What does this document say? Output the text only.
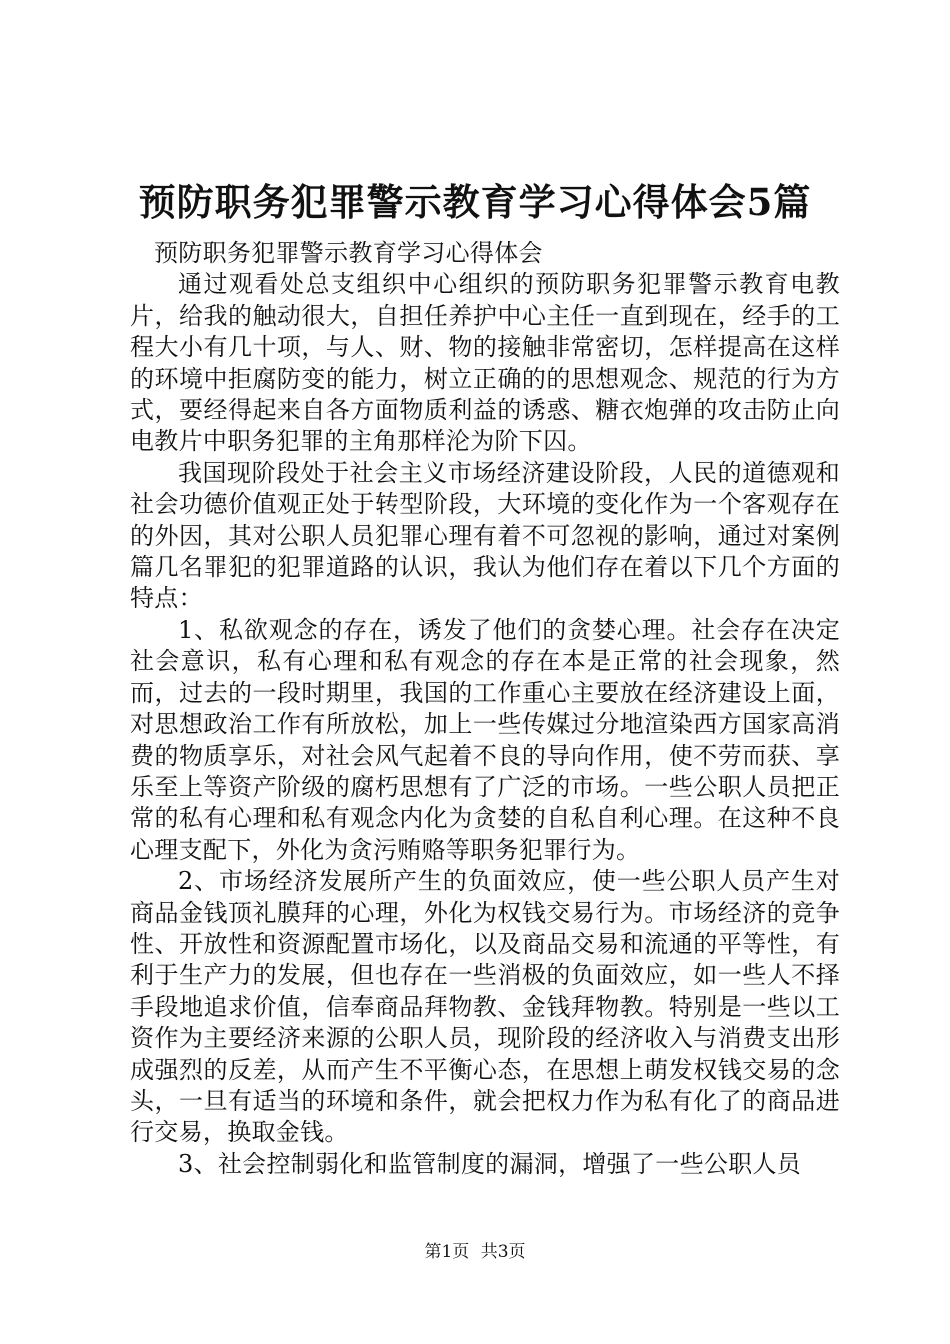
预防职务犯罪警示教育学习心得体会5篇

预防职务犯罪警示教育学习心得体会

通过观看处总支组织中心组织的预防职务犯罪警示教育电教片，给我的触动很大，自担任养护中心主任一直到现在，经手的工程大小有几十项，与人、财、物的接触非常密切，怎样提高在这样的环境中拒腐防变的能力，树立正确的的思想观念、规范的行为方式，要经得起来自各方面物质利益的诱惑、糖衣炮弹的攻击防止向电教片中职务犯罪的主角那样沦为阶下囚。

我国现阶段处于社会主义市场经济建设阶段，人民的道德观和社会功德价值观正处于转型阶段，大环境的变化作为一个客观存在的外因，其对公职人员犯罪心理有着不可忽视的影响，通过对案例篇几名罪犯的犯罪道路的认识，我认为他们存在着以下几个方面的特点：

1、私欲观念的存在，诱发了他们的贪婪心理。社会存在决定社会意识，私有心理和私有观念的存在本是正常的社会现象，然而，过去的一段时期里，我国的工作重心主要放在经济建设上面，对思想政治工作有所放松，加上一些传媒过分地渲染西方国家高消费的物质享乐，对社会风气起着不良的导向作用，使不劳而获、享乐至上等资产阶级的腐朽思想有了广泛的市场。一些公职人员把正常的私有心理和私有观念内化为贪婪的自私自利心理。在这种不良心理支配下，外化为贪污贿赂等职务犯罪行为。

2、市场经济发展所产生的负面效应，使一些公职人员产生对商品金钱顶礼膜拜的心理，外化为权钱交易行为。市场经济的竞争性、开放性和资源配置市场化，以及商品交易和流通的平等性，有利于生产力的发展，但也存在一些消极的负面效应，如一些人不择手段地追求价值，信奉商品拜物教、金钱拜物教。特别是一些以工资作为主要经济来源的公职人员，现阶段的经济收入与消费支出形成强烈的反差，从而产生不平衡心态，在思想上萌发权钱交易的念头，一旦有适当的环境和条件，就会把权力作为私有化了的商品进行交易，换取金钱。

3、社会控制弱化和监管制度的漏洞，增强了一些公职人员

第1页 共3页
